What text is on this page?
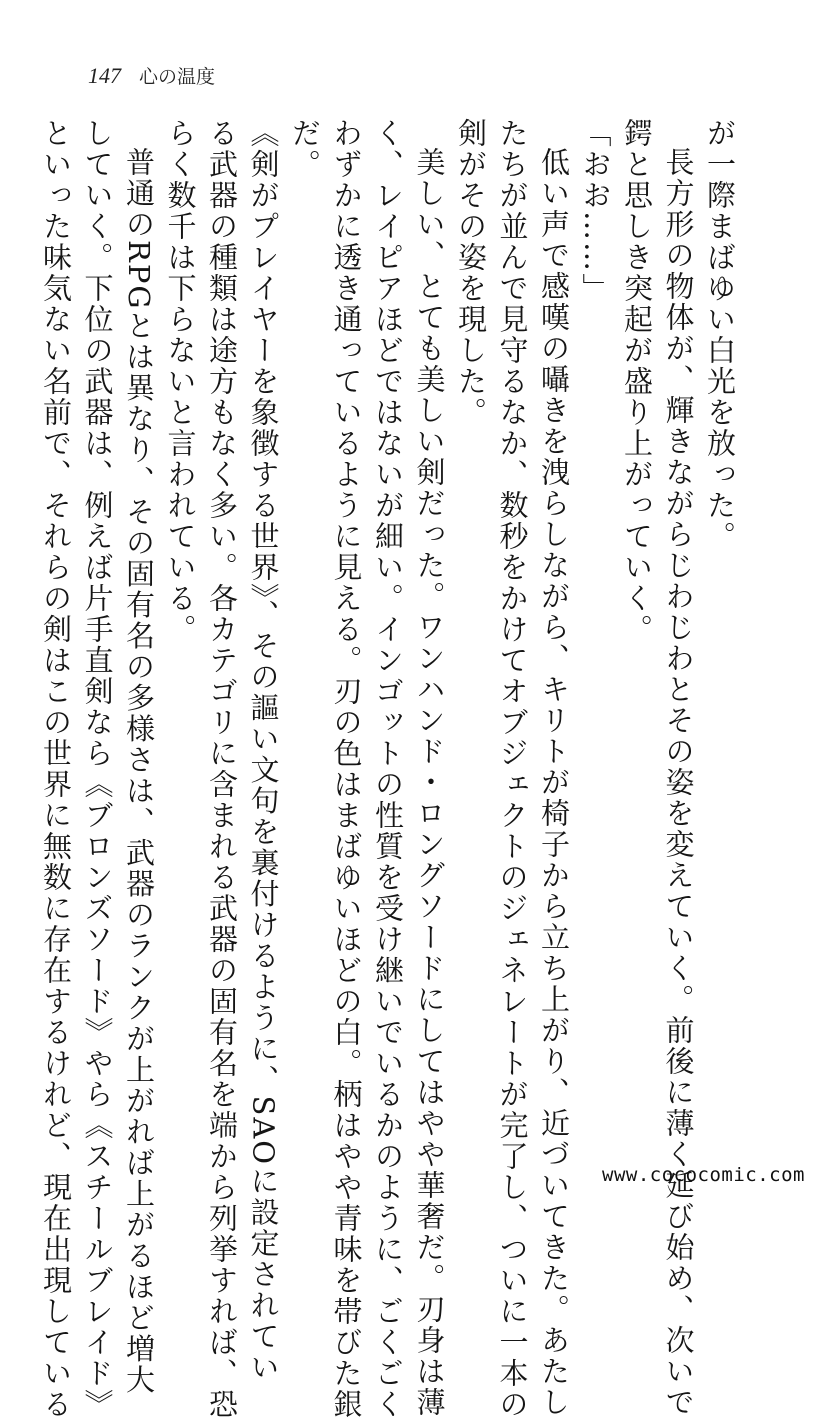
147 心の温度
が一際まばゆい白光を放った。
長方形の物体が、輝きながらじわじわとその姿を変えていく。前後に薄く延び始め、次いで
鍔と思しき突起が盛り上がっていく。
「おお……」
低い声で感嘆の囁きを洩らしながら、キリトが椅子から立ち上がり、近づいてきた。あたし
たちが並んで見守るなか、数秒をかけてオブジェクトのジェネレートが完了し、ついに一本の
剣がその姿を現した。
美しい、とても美しい剣だった。ワンハンド・ロングソードにしてはやや華奢だ。刃身は薄
く、レイピアほどではないが細い。インゴットの性質を受け継いでいるかのように、ごくごく
わずかに透き通っているように見える。刃の色はまばゆいほどの白。柄はやや青味を帯びた銀
だ。
《剣がプレイヤーを象徴する世界》、その謳い文句を裏付けるように、SAOに設定されてい
る武器の種類は途方もなく多い。各カテゴリに含まれる武器の固有名を端から列挙すれば、恐
らく数千は下らないと言われている。
普通のRPGとは異なり、その固有名の多様さは、武器のランクが上がれば上がるほど増大
していく。下位の武器は、例えば片手直剣なら《ブロンズソード》やら《スチールブレイド》
といった味気ない名前で、それらの剣はこの世界に無数に存在するけれど、現在出現している	www.cococomic.com
